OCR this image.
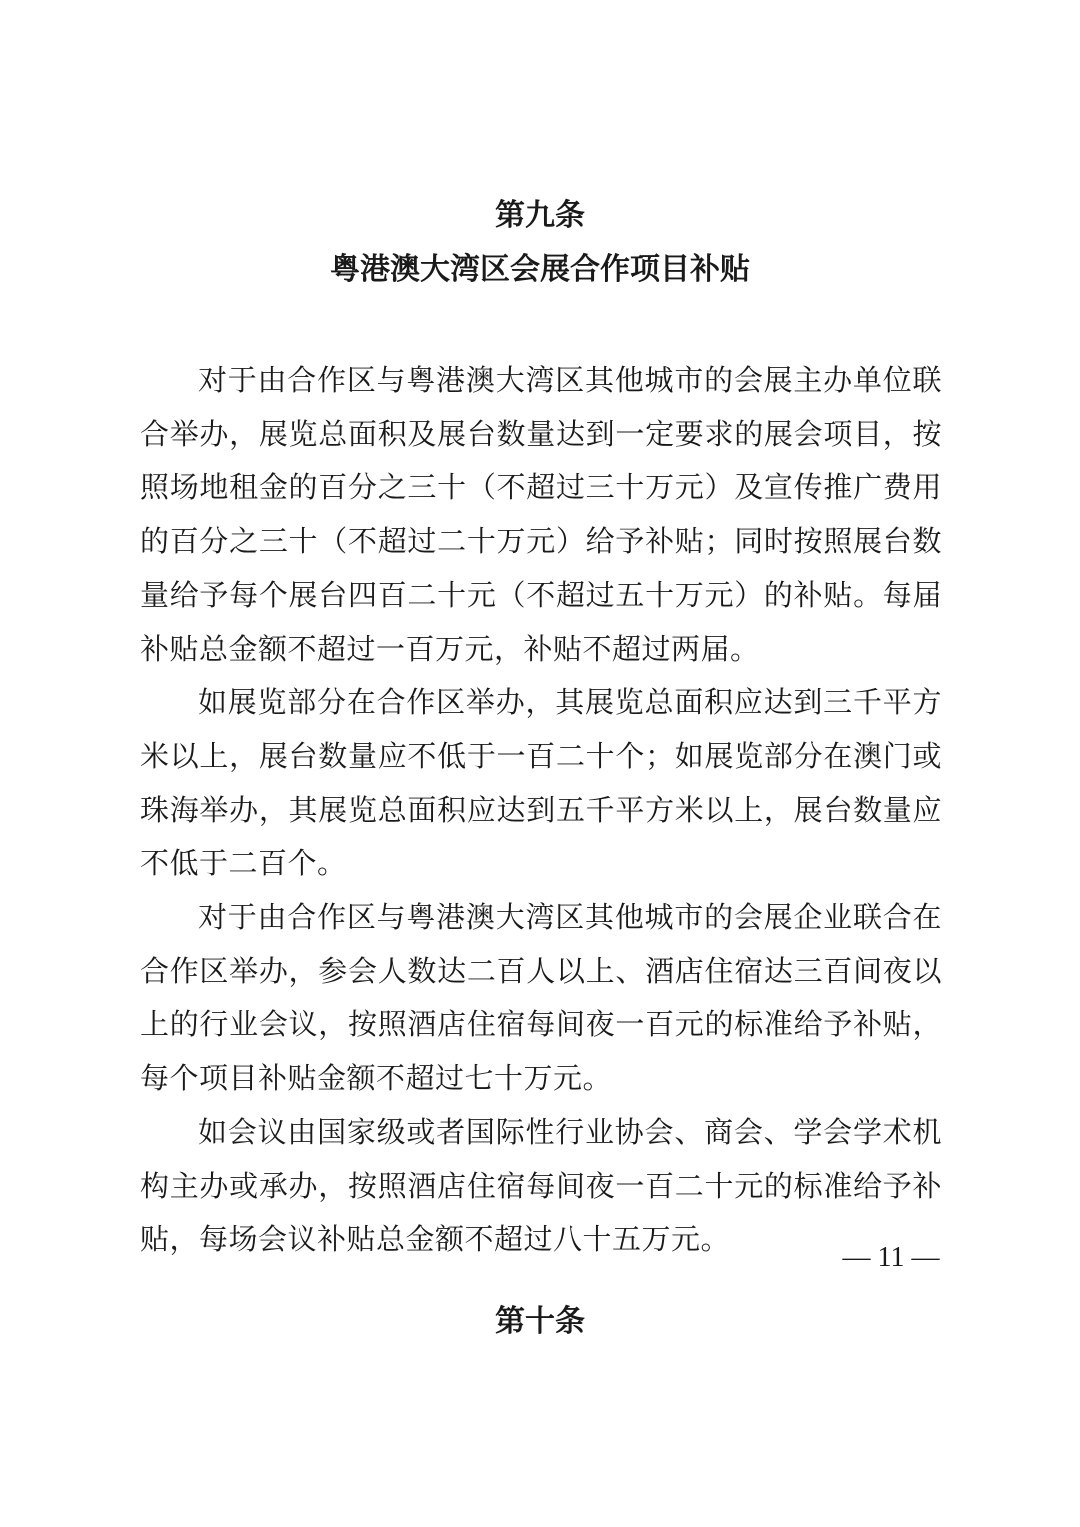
第九条
粤港澳大湾区会展合作项目补贴

对于由合作区与粤港澳大湾区其他城市的会展主办单位联合举办，展览总面积及展台数量达到一定要求的展会项目，按照场地租金的百分之三十（不超过三十万元）及宣传推广费用的百分之三十（不超过二十万元）给予补贴；同时按照展台数量给予每个展台四百二十元（不超过五十万元）的补贴。每届补贴总金额不超过一百万元，补贴不超过两届。

如展览部分在合作区举办，其展览总面积应达到三千平方米以上，展台数量应不低于一百二十个；如展览部分在澳门或珠海举办，其展览总面积应达到五千平方米以上，展台数量应不低于二百个。

对于由合作区与粤港澳大湾区其他城市的会展企业联合在合作区举办，参会人数达二百人以上、酒店住宿达三百间夜以上的行业会议，按照酒店住宿每间夜一百元的标准给予补贴，每个项目补贴金额不超过七十万元。

如会议由国家级或者国际性行业协会、商会、学会学术机构主办或承办，按照酒店住宿每间夜一百二十元的标准给予补贴，每场会议补贴总金额不超过八十五万元。

第十条
— 11 —
